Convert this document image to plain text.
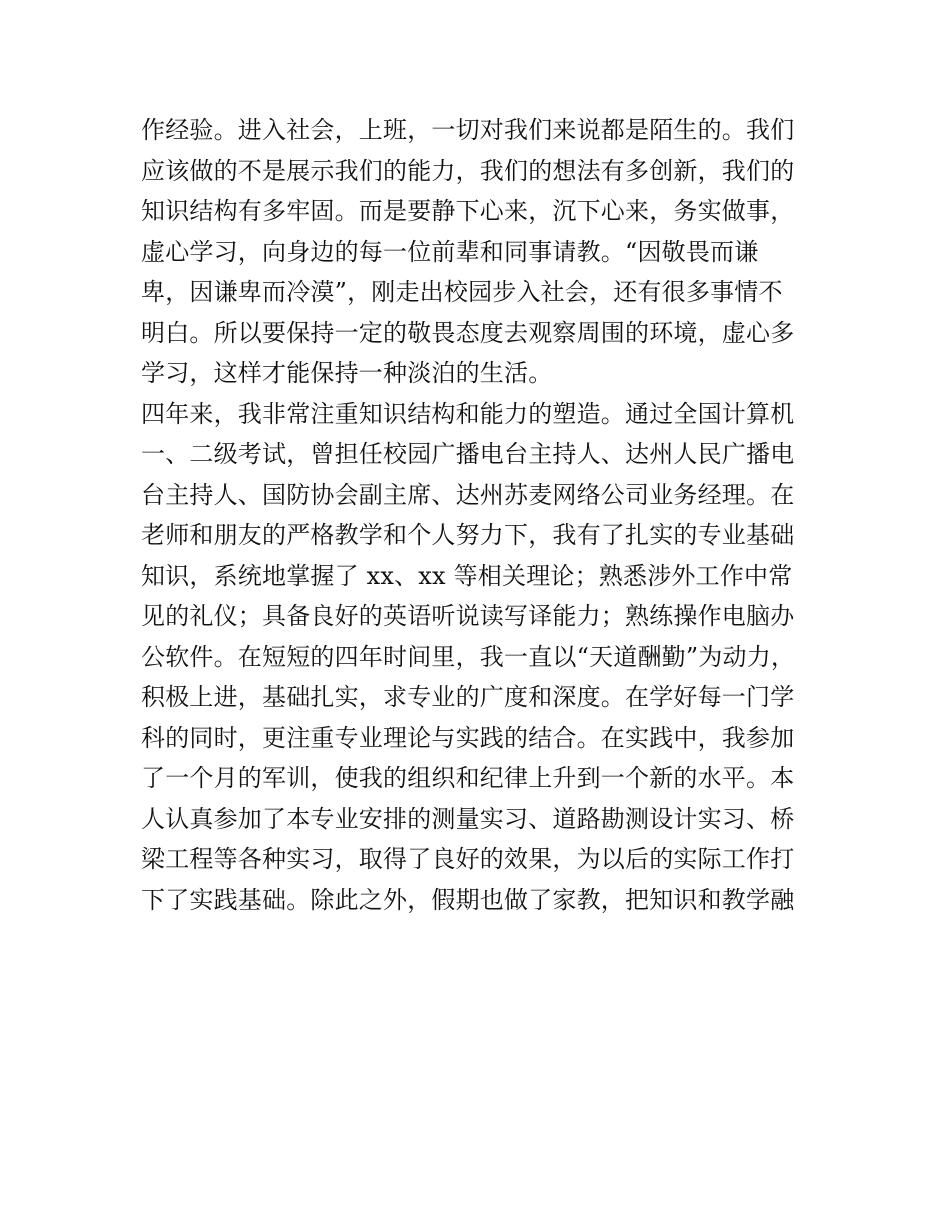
作经验。进入社会，上班，一切对我们来说都是陌生的。我们
应该做的不是展示我们的能力，我们的想法有多创新，我们的
知识结构有多牢固。而是要静下心来，沉下心来，务实做事，
虚心学习，向身边的每一位前辈和同事请教。“因敬畏而谦
卑，因谦卑而冷漠”，刚走出校园步入社会，还有很多事情不
明白。所以要保持一定的敬畏态度去观察周围的环境，虚心多
学习，这样才能保持一种淡泊的生活。
四年来，我非常注重知识结构和能力的塑造。通过全国计算机
一、二级考试，曾担任校园广播电台主持人、达州人民广播电
台主持人、国防协会副主席、达州苏麦网络公司业务经理。在
老师和朋友的严格教学和个人努力下，我有了扎实的专业基础
知识，系统地掌握了 xx、xx 等相关理论；熟悉涉外工作中常
见的礼仪；具备良好的英语听说读写译能力；熟练操作电脑办
公软件。在短短的四年时间里，我一直以“天道酬勤”为动力，
积极上进，基础扎实，求专业的广度和深度。在学好每一门学
科的同时，更注重专业理论与实践的结合。在实践中，我参加
了一个月的军训，使我的组织和纪律上升到一个新的水平。本
人认真参加了本专业安排的测量实习、道路勘测设计实习、桥
梁工程等各种实习，取得了良好的效果，为以后的实际工作打
下了实践基础。除此之外，假期也做了家教，把知识和教学融
